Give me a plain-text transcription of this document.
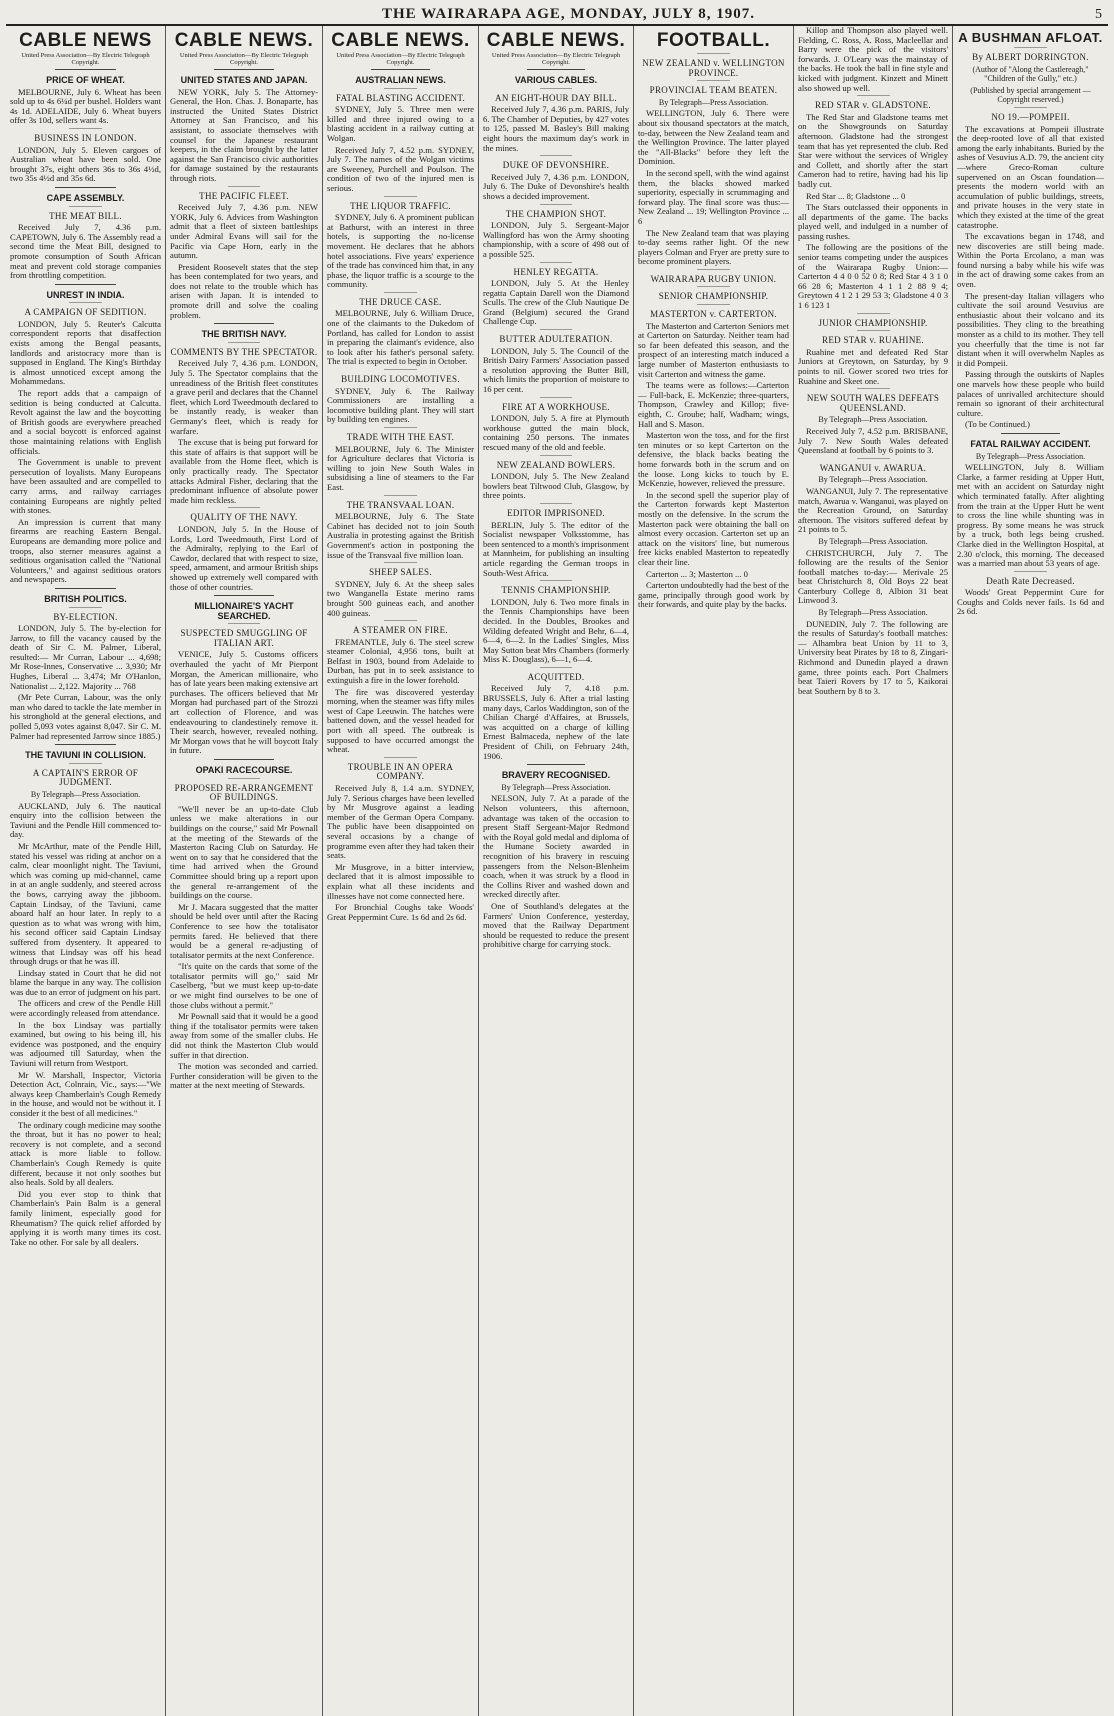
THE WAIRARAPA AGE, MONDAY, JULY 8, 1907.	5
CABLE NEWS
United Press Association—By Electric Telegraph Copyright.
PRICE OF WHEAT.

MELBOURNE, July 6. Wheat has been sold up to 4s 6¼d per bushel. Holders want 4s 1d. ADELAIDE, July 6. Wheat buyers offer 3s 10d, sellers want 4s.

BUSINESS IN LONDON.

LONDON, July 5. Eleven cargoes of Australian wheat have been sold. One brought 37s, eight others 36s to 36s 4½d, two 35s 4½d and 35s 6d.

CAPE ASSEMBLY.
THE MEAT BILL.

Received July 7, 4.36 p.m. CAPETOWN, July 6. The Assembly read a second time the Meat Bill, designed to promote consumption of South African meat and prevent cold storage companies from throttling competition.

UNREST IN INDIA.
A CAMPAIGN OF SEDITION.

LONDON, July 5. Reuter's Calcutta correspondent reports that disaffection exists among the Bengal peasants, landlords and aristocracy more than is supposed in England. The King's Birthday is almost unnoticed except among the Mohammedans.

The report adds that a campaign of sedition is being conducted at Calcutta. Revolt against the law and the boycotting of British goods are everywhere preached and a social boycott is enforced against those maintaining relations with English officials.

The Government is unable to prevent persecution of loyalists. Many Europeans have been assaulted and are compelled to carry arms, and railway carriages containing Europeans are nightly pelted with stones.

An impression is current that many firearms are reaching Eastern Bengal. Europeans are demanding more police and troops, also sterner measures against a seditious organisation called the "National Volunteers," and against seditious orators and newspapers.

BRITISH POLITICS.
BY-ELECTION.

LONDON, July 5. The by-election for Jarrow, to fill the vacancy caused by the death of Sir C. M. Palmer, Liberal, resulted:— Mr Curran, Labour ... 4,698; Mr Rose-Innes, Conservative ... 3,930; Mr Hughes, Liberal ... 3,474; Mr O'Hanlon, Nationalist ... 2,122. Majority ... 768

(Mr Pete Curran, Labour, was the only man who dared to tackle the late member in his stronghold at the general elections, and polled 5,093 votes against 8,047. Sir C. M. Palmer had represented Jarrow since 1885.)

THE TAVIUNI IN COLLISION.
A CAPTAIN'S ERROR OF JUDGMENT.
By Telegraph—Press Association.

AUCKLAND, July 6. The nautical enquiry into the collision between the Taviuni and the Pendle Hill commenced to-day.

Mr McArthur, mate of the Pendle Hill, stated his vessel was riding at anchor on a calm, clear moonlight night. The Taviuni, which was coming up mid-channel, came in at an angle suddenly, and steered across the bows, carrying away the jibboom. Captain Lindsay, of the Taviuni, came aboard half an hour later. In reply to a question as to what was wrong with him, his second officer said Captain Lindsay suffered from dysentery. It appeared to witness that Lindsay was off his head through drugs or that he was ill.

Lindsay stated in Court that he did not blame the barque in any way. The collision was due to an error of judgment on his part.

The officers and crew of the Pendle Hill were accordingly released from attendance.

In the box Lindsay was partially examined, but owing to his being ill, his evidence was postponed, and the enquiry was adjourned till Saturday, when the Taviuni will return from Westport.

Mr W. Marshall, Inspector, Victoria Detection Act, Colnrain, Vic., says:—"We always keep Chamberlain's Cough Remedy in the house, and would not be without it. I consider it the best of all medicines."

The ordinary cough medicine may soothe the throat, but it has no power to heal; recovery is not complete, and a second attack is more liable to follow. Chamberlain's Cough Remedy is quite different, because it not only soothes but also heals. Sold by all dealers.

Did you ever stop to think that Chamberlain's Pain Balm is a general family liniment, especially good for Rheumatism? The quick relief afforded by applying it is worth many times its cost. Take no other. For sale by all dealers.

CABLE NEWS.
United Press Association—By Electric Telegraph Copyright.
UNITED STATES AND JAPAN.

NEW YORK, July 5. The Attorney-General, the Hon. Chas. J. Bonaparte, has instructed the United States District Attorney at San Francisco, and his assistant, to associate themselves with counsel for the Japanese restaurant keepers, in the claim brought by the latter against the San Francisco civic authorities for damage sustained by the restaurants through riots.

THE PACIFIC FLEET.

Received July 7, 4.36 p.m. NEW YORK, July 6. Advices from Washington admit that a fleet of sixteen battleships under Admiral Evans will sail for the Pacific via Cape Horn, early in the autumn.

President Roosevelt states that the step has been contemplated for two years, and does not relate to the trouble which has arisen with Japan. It is intended to promote drill and solve the coaling problem.

THE BRITISH NAVY.
COMMENTS BY THE SPECTATOR.

Received July 7, 4.36 p.m. LONDON, July 5. The Spectator complains that the unreadiness of the British fleet constitutes a grave peril and declares that the Channel fleet, which Lord Tweedmouth declared to be instantly ready, is weaker than Germany's fleet, which is ready for warfare.

The excuse that is being put forward for this state of affairs is that support will be available from the Home fleet, which is only practically ready. The Spectator attacks Admiral Fisher, declaring that the predominant influence of absolute power made him reckless.

QUALITY OF THE NAVY.

LONDON, July 5. In the House of Lords, Lord Tweedmouth, First Lord of the Admiralty, replying to the Earl of Cawdor, declared that with respect to size, speed, armament, and armour British ships showed up extremely well compared with those of other countries.

MILLIONAIRE'S YACHT SEARCHED.
SUSPECTED SMUGGLING OF ITALIAN ART.

VENICE, July 5. Customs officers overhauled the yacht of Mr Pierpont Morgan, the American millionaire, who has of late years been making extensive art purchases. The officers believed that Mr Morgan had purchased part of the Strozzi art collection of Florence, and was endeavouring to clandestinely remove it. Their search, however, revealed nothing. Mr Morgan vows that he will boycott Italy in future.

OPAKI RACECOURSE.
PROPOSED RE-ARRANGEMENT OF BUILDINGS.

"We'll never be an up-to-date Club unless we make alterations in our buildings on the course," said Mr Pownall at the meeting of the Stewards of the Masterton Racing Club on Saturday. He went on to say that he considered that the time had arrived when the Ground Committee should bring up a report upon the general re-arrangement of the buildings on the course.

Mr J. Macara suggested that the matter should be held over until after the Racing Conference to see how the totalisator permits fared. He believed that there would be a general re-adjusting of totalisator permits at the next Conference.

"It's quite on the cards that some of the totalisator permits will go," said Mr Caselberg, "but we must keep up-to-date or we might find ourselves to be one of those clubs without a permit."

Mr Pownall said that it would be a good thing if the totalisator permits were taken away from some of the smaller clubs. He did not think the Masterton Club would suffer in that direction.

The motion was seconded and carried. Further consideration will be given to the matter at the next meeting of Stewards.

CABLE NEWS.
United Press Association—By Electric Telegraph Copyright.
AUSTRALIAN NEWS.
FATAL BLASTING ACCIDENT.

SYDNEY, July 5. Three men were killed and three injured owing to a blasting accident in a railway cutting at Wolgan.

Received July 7, 4.52 p.m. SYDNEY, July 7. The names of the Wolgan victims are Sweeney, Purchell and Poulson. The condition of two of the injured men is serious.

THE LIQUOR TRAFFIC.

SYDNEY, July 6. A prominent publican at Bathurst, with an interest in three hotels, is supporting the no-license movement. He declares that he abhors hotel associations. Five years' experience of the trade has convinced him that, in any phase, the liquor traffic is a scourge to the community.

THE DRUCE CASE.

MELBOURNE, July 6. William Druce, one of the claimants to the Dukedom of Portland, has called for London to assist in preparing the claimant's evidence, also to look after his father's personal safety. The trial is expected to begin in October.

BUILDING LOCOMOTIVES.

SYDNEY, July 6. The Railway Commissioners are installing a locomotive building plant. They will start by building ten engines.

TRADE WITH THE EAST.

MELBOURNE, July 6. The Minister for Agriculture declares that Victoria is willing to join New South Wales in subsidising a line of steamers to the Far East.

THE TRANSVAAL LOAN.

MELBOURNE, July 6. The State Cabinet has decided not to join South Australia in protesting against the British Government's action in postponing the issue of the Transvaal five million loan.

SHEEP SALES.

SYDNEY, July 6. At the sheep sales two Wanganella Estate merino rams brought 500 guineas each, and another 400 guineas.

A STEAMER ON FIRE.

FREMANTLE, July 6. The steel screw steamer Colonial, 4,956 tons, built at Belfast in 1903, bound from Adelaide to Durban, has put in to seek assistance to extinguish a fire in the lower forehold.

The fire was discovered yesterday morning, when the steamer was fifty miles west of Cape Leeuwin. The hatches were battened down, and the vessel headed for port with all speed. The outbreak is supposed to have occurred amongst the wheat.

TROUBLE IN AN OPERA COMPANY.

Received July 8, 1.4 a.m. SYDNEY, July 7. Serious charges have been levelled by Mr Musgrove against a leading member of the German Opera Company. The public have been disappointed on several occasions by a change of programme even after they had taken their seats.

Mr Musgrove, in a bitter interview, declared that it is almost impossible to explain what all these incidents and illnesses have not come connected here.

For Bronchial Coughs take Woods' Great Peppermint Cure. 1s 6d and 2s 6d.

CABLE NEWS.
United Press Association—By Electric Telegraph Copyright.
VARIOUS CABLES.
AN EIGHT-HOUR DAY BILL.

Received July 7, 4.36 p.m. PARIS, July 6. The Chamber of Deputies, by 427 votes to 125, passed M. Basley's Bill making eight hours the maximum day's work in the mines.

DUKE OF DEVONSHIRE.

Received July 7, 4.36 p.m. LONDON, July 6. The Duke of Devonshire's health shows a decided improvement.

THE CHAMPION SHOT.

LONDON, July 5. Sergeant-Major Wallingford has won the Army shooting championship, with a score of 498 out of a possible 525.

HENLEY REGATTA.

LONDON, July 5. At the Henley regatta Captain Darell won the Diamond Sculls. The crew of the Club Nautique De Grand (Belgium) secured the Grand Challenge Cup.

BUTTER ADULTERATION.

LONDON, July 5. The Council of the British Dairy Farmers' Association passed a resolution approving the Butter Bill, which limits the proportion of moisture to 16 per cent.

FIRE AT A WORKHOUSE.

LONDON, July 5. A fire at Plymouth workhouse gutted the main block, containing 250 persons. The inmates rescued many of the old and feeble.

NEW ZEALAND BOWLERS.

LONDON, July 5. The New Zealand bowlers beat Tiltwood Club, Glasgow, by three points.

EDITOR IMPRISONED.

BERLIN, July 5. The editor of the Socialist newspaper Volksstomme, has been sentenced to a month's imprisonment at Mannheim, for publishing an insulting article regarding the German troops in South-West Africa.

TENNIS CHAMPIONSHIP.

LONDON, July 6. Two more finals in the Tennis Championships have been decided. In the Doubles, Brookes and Wilding defeated Wright and Behr, 6—4, 6—4, 6—2. In the Ladies' Singles, Miss May Sutton beat Mrs Chambers (formerly Miss K. Douglass), 6—1, 6—4.

ACQUITTED.

Received July 7, 4.18 p.m. BRUSSELS, July 6. After a trial lasting many days, Carlos Waddington, son of the Chilian Chargé d'Affaires, at Brussels, was acquitted on a charge of killing Ernest Balmaceda, nephew of the late President of Chili, on February 24th, 1906.

BRAVERY RECOGNISED.
By Telegraph—Press Association.

NELSON, July 7. At a parade of the Nelson volunteers, this afternoon, advantage was taken of the occasion to present Staff Sergeant-Major Redmond with the Royal gold medal and diploma of the Humane Society awarded in recognition of his bravery in rescuing passengers from the Nelson-Blenheim coach, when it was struck by a flood in the Collins River and washed down and wrecked directly after.

One of Southland's delegates at the Farmers' Union Conference, yesterday, moved that the Railway Department should be requested to reduce the present prohibitive charge for carrying stock.

FOOTBALL.
NEW ZEALAND v. WELLINGTON PROVINCE.
PROVINCIAL TEAM BEATEN.
By Telegraph—Press Association.

WELLINGTON, July 6. There were about six thousand spectators at the match, to-day, between the New Zealand team and the Wellington Province. The latter played the "All-Blacks" before they left the Dominion.

In the second spell, with the wind against them, the blacks showed marked superiority, especially in scrummaging and forward play. The final score was thus:— New Zealand ... 19; Wellington Province ... 6

The New Zealand team that was playing to-day seems rather light. Of the new players Colman and Fryer are pretty sure to become prominent players.

WAIRARAPA RUGBY UNION.
SENIOR CHAMPIONSHIP.
MASTERTON v. CARTERTON.

The Masterton and Carterton Seniors met at Carterton on Saturday. Neither team had so far been defeated this season, and the prospect of an interesting match induced a large number of Masterton enthusiasts to visit Carterton and witness the game.

The teams were as follows:—Carterton— Full-back, E. McKenzie; three-quarters, Thompson, Crawley and Killop; five-eighth, C. Groube; half, Wadham; wings, Hall and S. Mason.

Masterton won the toss, and for the first ten minutes or so kept Carterton on the defensive, the black backs beating the home forwards both in the scrum and on the loose. Long kicks to touch by E. McKenzie, however, relieved the pressure.

In the second spell the superior play of the Carterton forwards kept Masterton mostly on the defensive. In the scrum the Masterton pack were obtaining the ball on almost every occasion. Carterton set up an attack on the visitors' line, but numerous free kicks enabled Masterton to repeatedly clear their line.

Carterton ... 3; Masterton ... 0

Carterton undoubtedly had the best of the game, principally through good work by their forwards, and quite play by the backs.

Killop and Thompson also played well. Fielding, C. Ross, A. Ross, Macleellar and Barry were the pick of the visitors' forwards. J. O'Leary was the mainstay of the backs. He took the ball in fine style and kicked with judgment. Kinzett and Minett also showed up well.

RED STAR v. GLADSTONE.

The Red Star and Gladstone teams met on the Showgrounds on Saturday afternoon. Gladstone had the strongest team that has yet represented the club. Red Star were without the services of Wrigley and Collett, and shortly after the start Cameron had to retire, having had his lip badly cut.

Red Star ... 8; Gladstone ... 0

The Stars outclassed their opponents in all departments of the game. The backs played well, and indulged in a number of passing rushes.

The following are the positions of the senior teams competing under the auspices of the Wairarapa Rugby Union:— Carterton 4 4 0 0 52 0 8; Red Star 4 3 1 0 66 28 6; Masterton 4 1 1 2 88 9 4; Greytown 4 1 2 1 29 53 3; Gladstone 4 0 3 1 6 123 1

JUNIOR CHAMPIONSHIP.
RED STAR v. RUAHINE.

Ruahine met and defeated Red Star Juniors at Greytown, on Saturday, by 9 points to nil. Gower scored two tries for Ruahine and Skeet one.

NEW SOUTH WALES DEFEATS QUEENSLAND.
By Telegraph—Press Association.

Received July 7, 4.52 p.m. BRISBANE, July 7. New South Wales defeated Queensland at football by 6 points to 3.

WANGANUI v. AWARUA.
By Telegraph—Press Association.

WANGANUI, July 7. The representative match, Awarua v. Wanganui, was played on the Recreation Ground, on Saturday afternoon. The visitors suffered defeat by 21 points to 5.

By Telegraph—Press Association.

CHRISTCHURCH, July 7. The following are the results of the Senior football matches to-day:— Merivale 25 beat Christchurch 8, Old Boys 22 beat Canterbury College 8, Albion 31 beat Linwood 3.

By Telegraph—Press Association.

DUNEDIN, July 7. The following are the results of Saturday's football matches:— Alhambra beat Union by 11 to 3, University beat Pirates by 18 to 8, Zingari-Richmond and Dunedin played a drawn game, three points each. Port Chalmers beat Taieri Rovers by 17 to 5, Kaikorai beat Southern by 8 to 3.

A BUSHMAN AFLOAT.
By ALBERT DORRINGTON.
(Author of "Along the Castlereagh," "Children of the Gully," etc.)
(Published by special arrangement —Copyright reserved.)
NO 19.—POMPEII.

The excavations at Pompeii illustrate the deep-rooted love of all that existed among the early inhabitants. Buried by the ashes of Vesuvius A.D. 79, the ancient city—where Greco-Roman culture supervened on an Oscan foundation—presents the modern world with an accumulation of public buildings, streets, and private houses in the very state in which they existed at the time of the great catastrophe.

The excavations began in 1748, and new discoveries are still being made. Within the Porta Ercolano, a man was found nursing a baby while his wife was in the act of drawing some cakes from an oven.

The present-day Italian villagers who cultivate the soil around Vesuvius are enthusiastic about their volcano and its possibilities. They cling to the breathing monster as a child to its mother. They tell you cheerfully that the time is not far distant when it will overwhelm Naples as it did Pompeii.

Passing through the outskirts of Naples one marvels how these people who build palaces of unrivalled architecture should remain so ignorant of their architectural culture.

(To be Continued.)

FATAL RAILWAY ACCIDENT.
By Telegraph—Press Association.

WELLINGTON, July 8. William Clarke, a farmer residing at Upper Hutt, met with an accident on Saturday night which terminated fatally. After alighting from the train at the Upper Hutt he went to cross the line while shunting was in progress. By some means he was struck by a truck, both legs being crushed. Clarke died in the Wellington Hospital, at 2.30 o'clock, this morning. The deceased was a married man about 53 years of age.

Death Rate Decreased.

Woods' Great Peppermint Cure for Coughs and Colds never fails. 1s 6d and 2s 6d.
